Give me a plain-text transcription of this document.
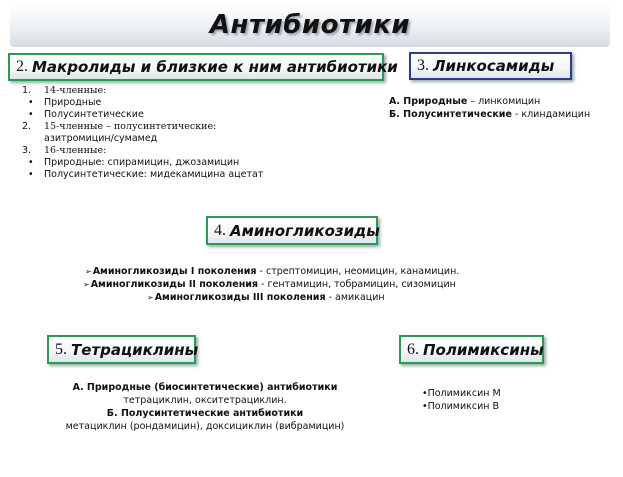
Антибиотики
2. Макролиды и близкие к ним антибиотики
1. 14-членные:
• Природные
• Полусинтетические
2. 15-членные – полусинтетические:
азитромицин/сумамед
3. 16-членные:
• Природные: спирамицин, джозамицин
• Полусинтетические: мидекамицина ацетат
3. Линкосамиды
А. Природные – линкомицин
Б. Полусинтетические - клиндамицин
4. Аминогликозиды
➢Аминогликозиды I поколения - стрептомицин, неомицин, канамицин.
➢Аминогликозиды II поколения - гентамицин, тобрамицин, сизомицин
➢Аминогликозиды III поколения - амикацин
5. Тетрациклины
А. Природные (биосинтетические) антибиотики
тетрациклин, окситетрациклин.
Б. Полусинтетические антибиотики
метациклин (рондамицин), доксициклин (вибрамицин)
6. Полимиксины
•Полимиксин М
•Полимиксин В
